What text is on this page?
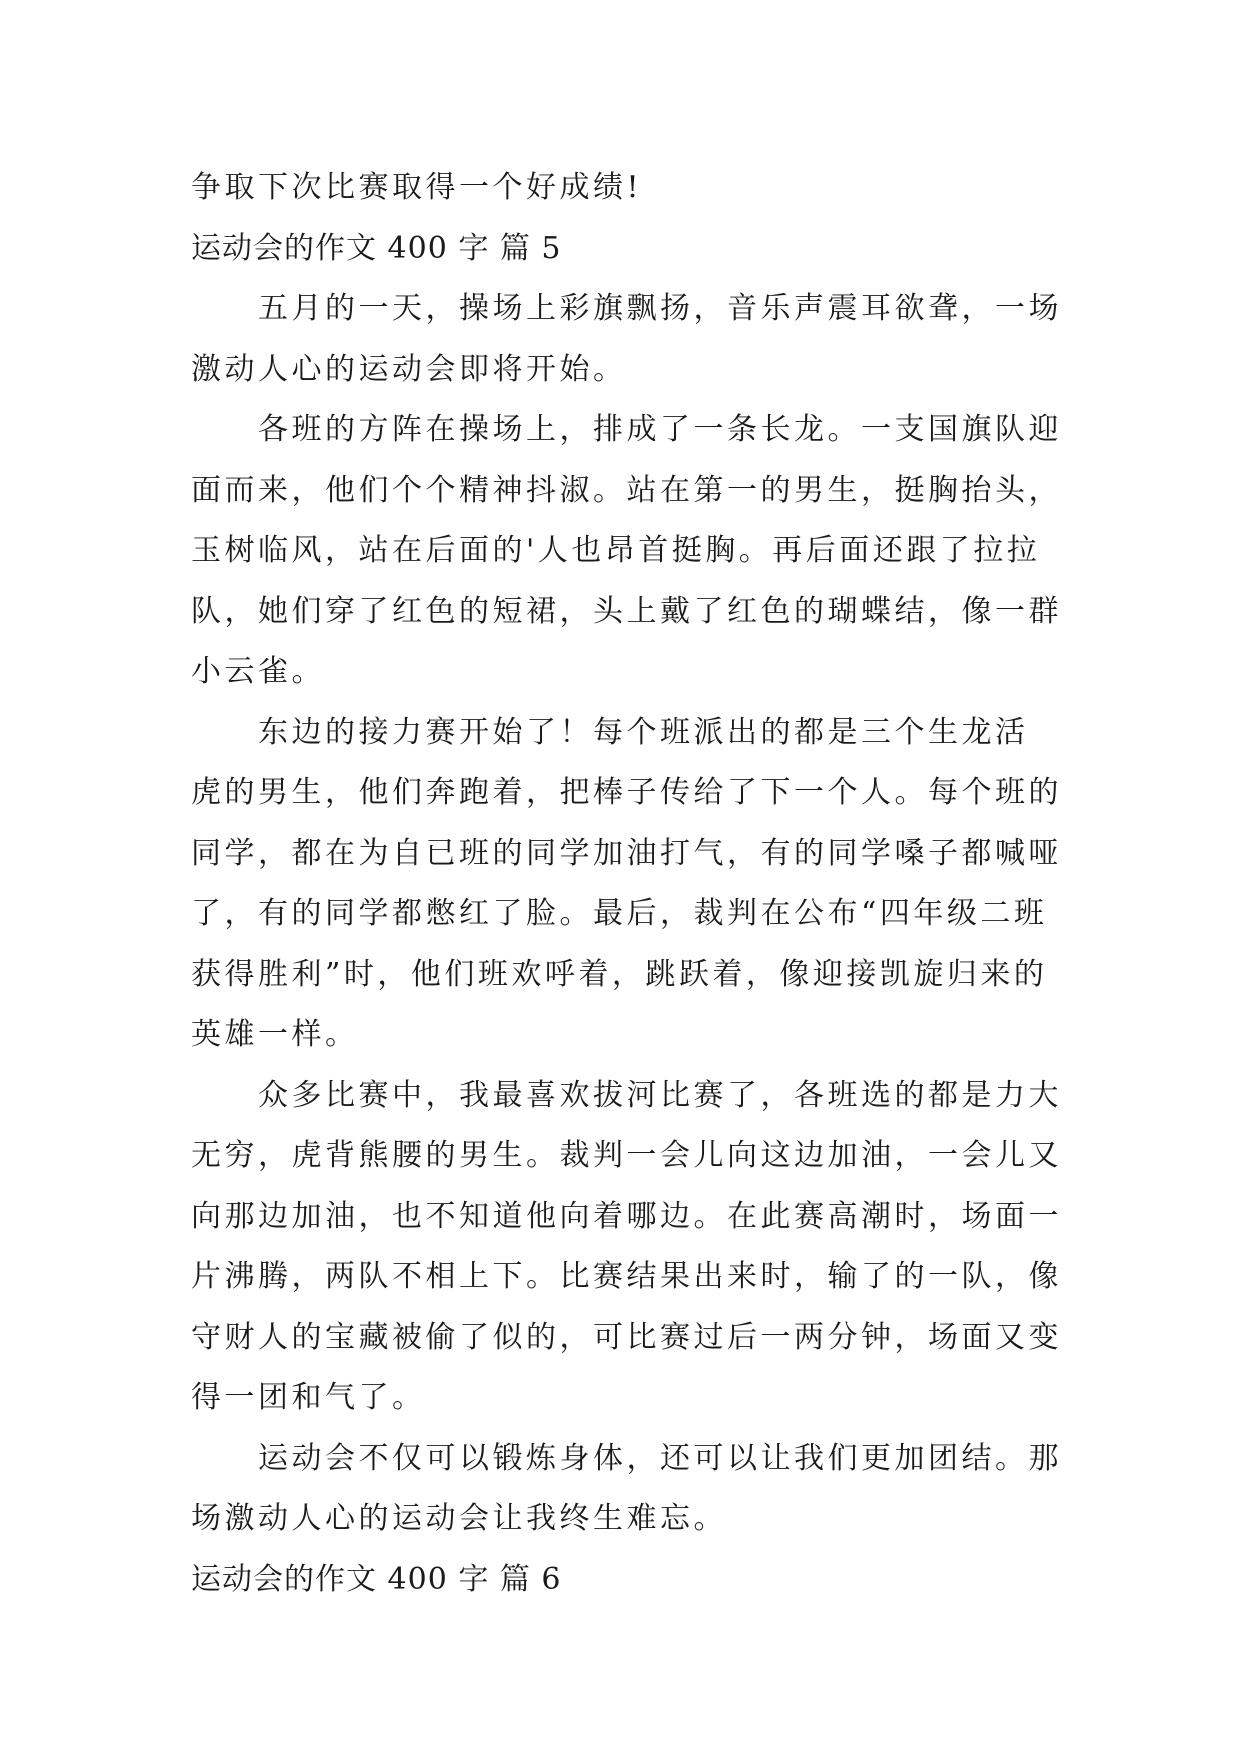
争取下次比赛取得一个好成绩!
运动会的作文 400 字 篇 5
　　五月的一天，操场上彩旗飘扬，音乐声震耳欲聋，一场
激动人心的运动会即将开始。
　　各班的方阵在操场上，排成了一条长龙。一支国旗队迎
面而来，他们个个精神抖淑。站在第一的男生，挺胸抬头，
玉树临风，站在后面的'人也昂首挺胸。再后面还跟了拉拉
队，她们穿了红色的短裙，头上戴了红色的瑚蝶结，像一群
小云雀。
　　东边的接力赛开始了！每个班派出的都是三个生龙活
虎的男生，他们奔跑着，把棒子传给了下一个人。每个班的
同学，都在为自已班的同学加油打气，有的同学嗓子都喊哑
了，有的同学都憋红了脸。最后，裁判在公布“四年级二班
获得胜利”时，他们班欢呼着，跳跃着，像迎接凯旋归来的
英雄一样。
　　众多比赛中，我最喜欢拔河比赛了，各班选的都是力大
无穷，虎背熊腰的男生。裁判一会儿向这边加油，一会儿又
向那边加油，也不知道他向着哪边。在此赛高潮时，场面一
片沸腾，两队不相上下。比赛结果出来时，输了的一队，像
守财人的宝藏被偷了似的，可比赛过后一两分钟，场面又变
得一团和气了。
　　运动会不仅可以锻炼身体，还可以让我们更加团结。那
场激动人心的运动会让我终生难忘。
运动会的作文 400 字 篇 6
